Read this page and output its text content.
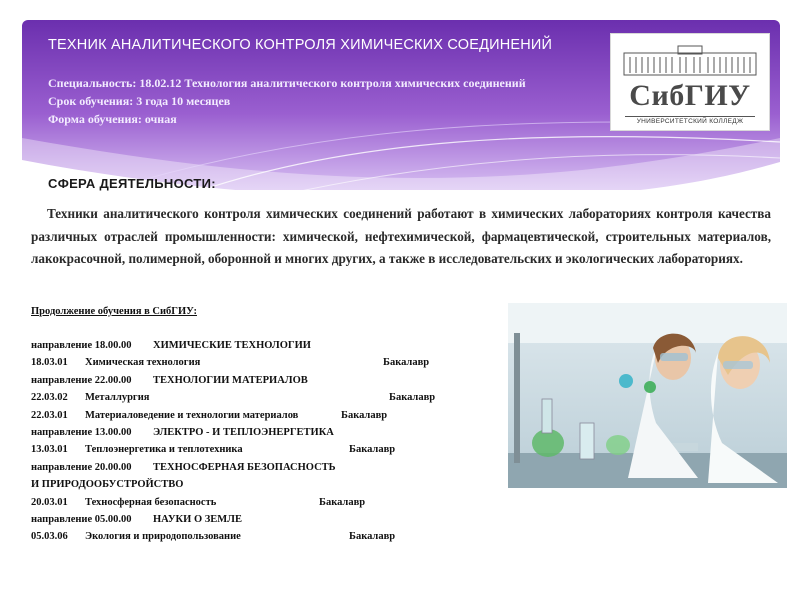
ТЕХНИК АНАЛИТИЧЕСКОГО КОНТРОЛЯ ХИМИЧЕСКИХ СОЕДИНЕНИЙ
Специальность: 18.02.12 Технология аналитического контроля химических соединений
Срок обучения: 3 года 10 месяцев
Форма обучения: очная
СибГИУ
УНИВЕРСИТЕТСКИЙ КОЛЛЕДЖ
СФЕРА ДЕЯТЕЛЬНОСТИ:
Техники аналитического контроля химических соединений работают в химических лабораториях контроля качества различных отраслей промышленности: химической, нефтехимической, фармацевтической, строительных материалов, лакокрасочной, полимерной, оборонной и многих других, а также в исследовательских и экологических лабораториях.
Продолжение обучения в СибГИУ:
направление 18.00.00 ХИМИЧЕСКИЕ ТЕХНОЛОГИИ
18.03.01 Химическая технология	Бакалавр
направление 22.00.00 ТЕХНОЛОГИИ МАТЕРИАЛОВ
22.03.02 Металлургия	Бакалавр
22.03.01 Материаловедение и технологии материалов	Бакалавр
направление 13.00.00 ЭЛЕКТРО - И ТЕПЛОЭНЕРГЕТИКА
13.03.01 Теплоэнергетика и теплотехника	Бакалавр
направление 20.00.00 ТЕХНОСФЕРНАЯ БЕЗОПАСНОСТЬ
И ПРИРОДООБУСТРОЙСТВО
20.03.01 Техносферная безопасность	Бакалавр
направление 05.00.00 НАУКИ О ЗЕМЛЕ
05.03.06 Экология и природопользование	Бакалавр
